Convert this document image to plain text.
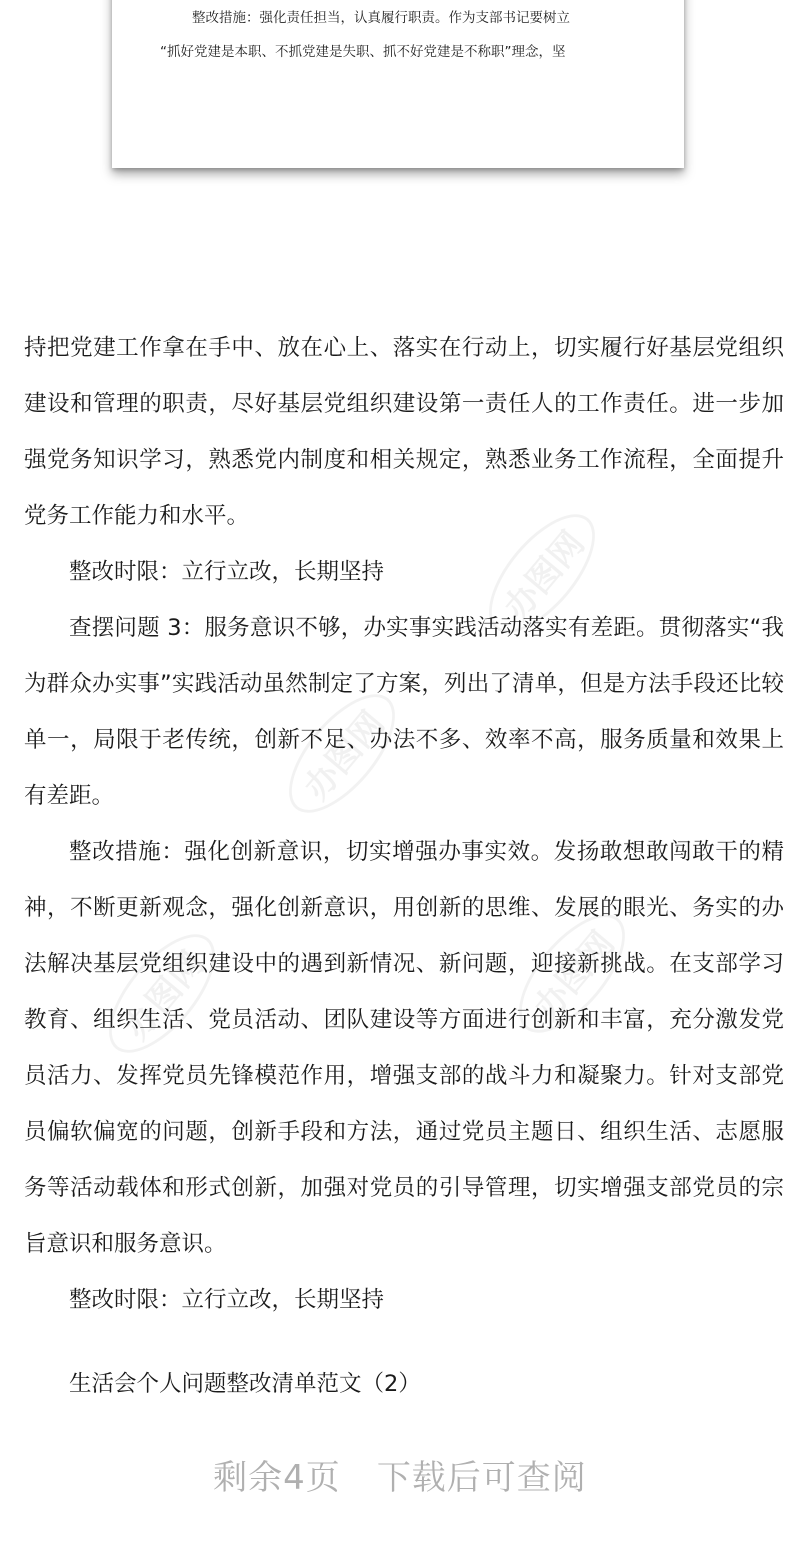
整改措施：强化责任担当，认真履行职责。作为支部书记要树立
“抓好党建是本职、不抓党建是失职、抓不好党建是不称职”理念，坚
办图网
办图网
办图网
办图网

持把党建工作拿在手中、放在心上、落实在行动上，切实履行好基层党组织建设和管理的职责，尽好基层党组织建设第一责任人的工作责任。进一步加强党务知识学习，熟悉党内制度和相关规定，熟悉业务工作流程，全面提升党务工作能力和水平。

整改时限：立行立改，长期坚持

查摆问题 3：服务意识不够，办实事实践活动落实有差距。贯彻落实“我为群众办实事”实践活动虽然制定了方案，列出了清单，但是方法手段还比较单一，局限于老传统，创新不足、办法不多、效率不高，服务质量和效果上有差距。

整改措施：强化创新意识，切实增强办事实效。发扬敢想敢闯敢干的精神，不断更新观念，强化创新意识，用创新的思维、发展的眼光、务实的办法解决基层党组织建设中的遇到新情况、新问题，迎接新挑战。在支部学习教育、组织生活、党员活动、团队建设等方面进行创新和丰富，充分激发党员活力、发挥党员先锋模范作用，增强支部的战斗力和凝聚力。针对支部党员偏软偏宽的问题，创新手段和方法，通过党员主题日、组织生活、志愿服务等活动载体和形式创新，加强对党员的引导管理，切实增强支部党员的宗旨意识和服务意识。

整改时限：立行立改，长期坚持

生活会个人问题整改清单范文（2）

剩余4页 下载后可查阅
